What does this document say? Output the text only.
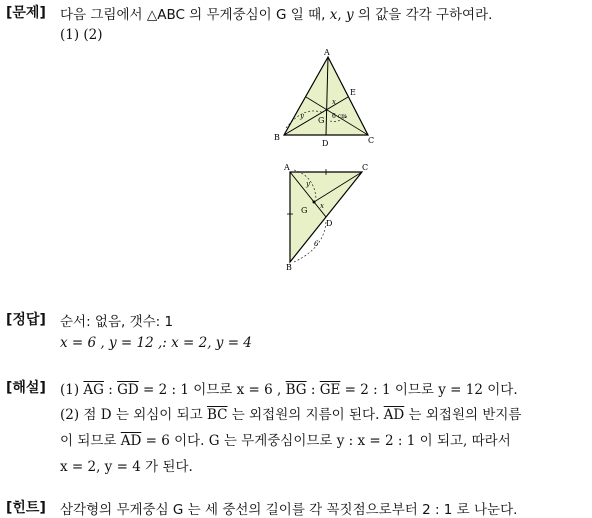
[문제] 다음 그림에서 △ABC 의 무게중심이 G 일 때, x, y 의 값을 각각 구하여라.
(1) (2)
A
B	C
D
E
G
x
y	6 cm
A	C
B
D
G x
y
6
[정답] 순서: 없음, 갯수: 1
x = 6 , y = 12 ,: x = 2, y = 4
[해설] (1) $\overline{AG}$ : $\overline{GD} = 2$ : 1 이므로 x = 6 , $\overline{BG}$ : $\overline{GE} = 2$ : 1 이므로 y = 12 이다.
(2) 점 D 는 외심이 되고 $\overline{BC}$ 는 외접원의 지름이 된다. $\overline{AD}$ 는 외접원의 반지름
이 되므로 $\overline{AD} = 6$ 이다. G 는 무게중심이므로 y : x = 2 : 1 이 되고, 따라서
x = 2, y = 4 가 된다.
[힌트] 삼각형의 무게중심 G 는 세 중선의 길이를 각 꼭짓점으로부터 2 : 1 로 나눈다.
